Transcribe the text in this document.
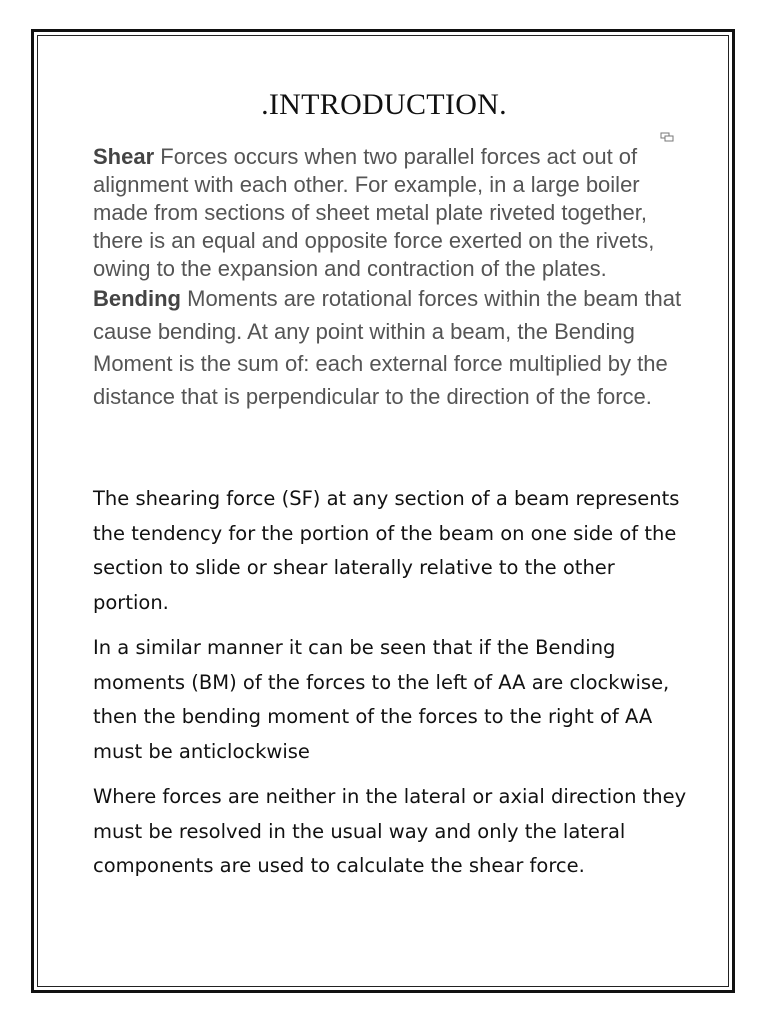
.INTRODUCTION.

Shear Forces occurs when two parallel forces act out of alignment with each other. For example, in a large boiler made from sections of sheet metal plate riveted together, there is an equal and opposite force exerted on the rivets, owing to the expansion and contraction of the plates.

Bending Moments are rotational forces within the beam that cause bending. At any point within a beam, the Bending Moment is the sum of: each external force multiplied by the distance that is perpendicular to the direction of the force.

The shearing force (SF) at any section of a beam represents the tendency for the portion of the beam on one side of the section to slide or shear laterally relative to the other portion.

In a similar manner it can be seen that if the Bending moments (BM) of the forces to the left of AA are clockwise, then the bending moment of the forces to the right of AA must be anticlockwise

Where forces are neither in the lateral or axial direction they must be resolved in the usual way and only the lateral components are used to calculate the shear force.
